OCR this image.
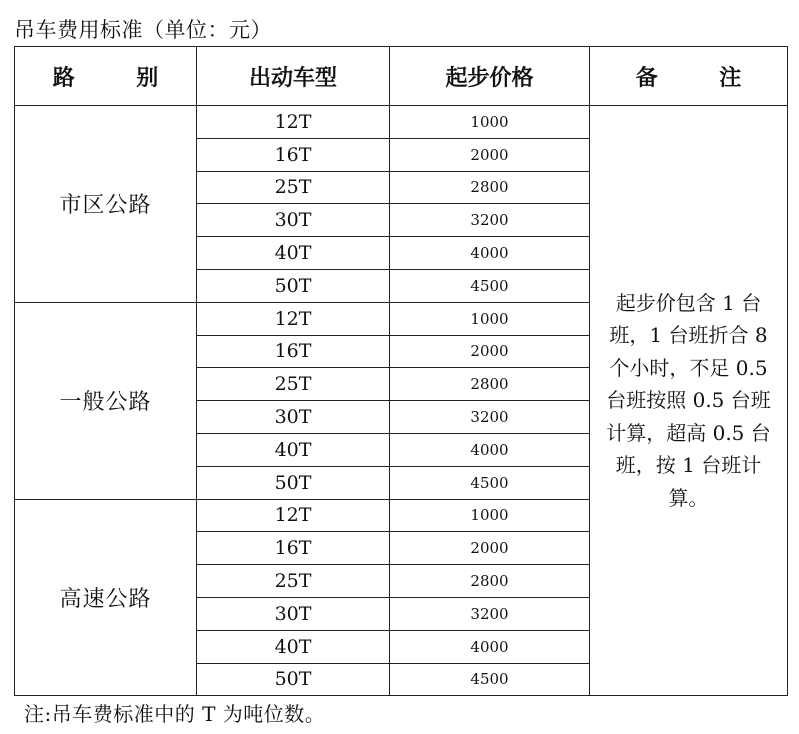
吊车费用标准（单位：元）
路　别	出动车型	起步价格	备　注
市区公路	12T	1000	起步价包含 1 台班，1 台班折合 8 个小时，不足 0.5 台班按照 0.5 台班计算，超高 0.5 台班，按 1 台班计算。

	16T	2000	
	25T	2800	
	30T	3200	
	40T	4000	
	50T	4500	
一般公路	12T	1000	
	16T	2000	
	25T	2800	
	30T	3200	
	40T	4000	
	50T	4500	
高速公路	12T	1000	
	16T	2000	
	25T	2800	
	30T	3200	
	40T	4000	
	50T	4500	
注:吊车费标准中的 T 为吨位数。
